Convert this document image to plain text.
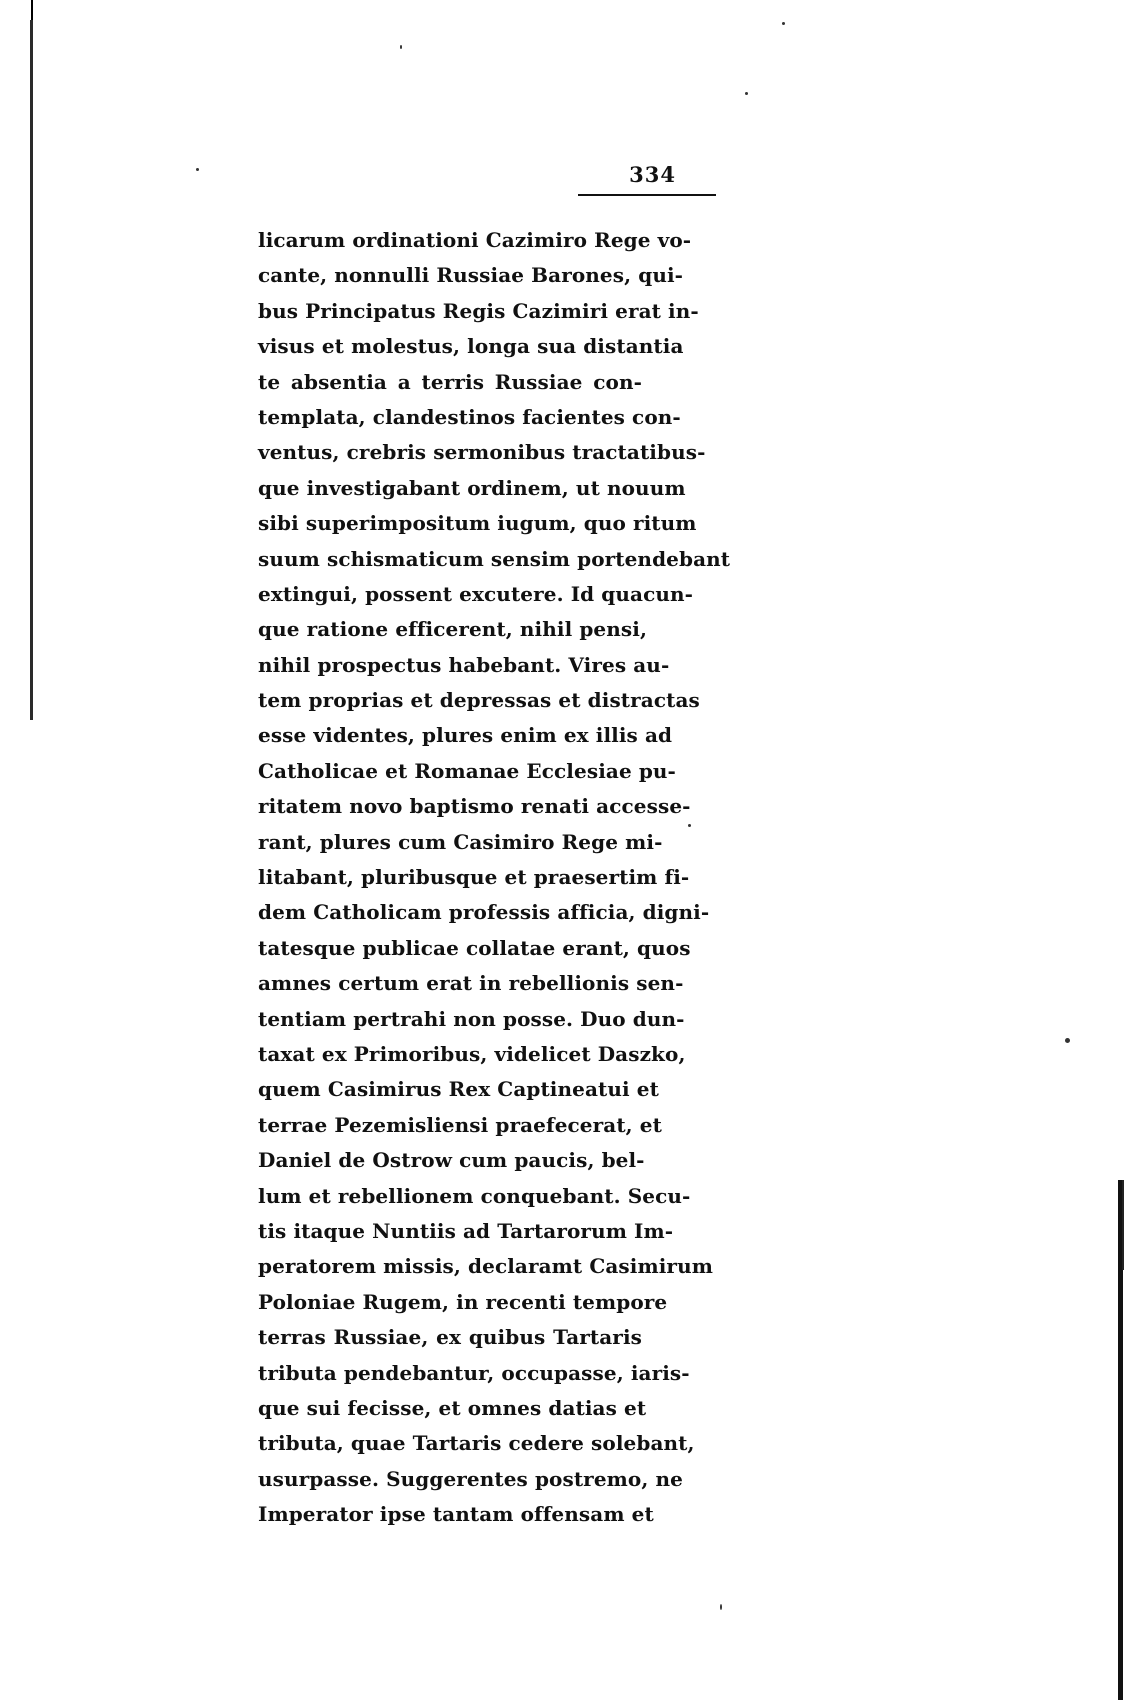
334
licarum ordinationi Cazimiro Rege vo-
cante, nonnulli Russiae Barones, qui-
bus Principatus Regis Cazimiri erat in-
visus et molestus, longa sua distantia
te absentia a terris Russiae con-
templata, clandestinos facientes con-
ventus, crebris sermonibus tractatibus-
que investigabant ordinem, ut nouum
sibi superimpositum iugum, quo ritum
suum schismaticum sensim portendebant
extingui, possent excutere. Id quacun-
que ratione efficerent, nihil pensi,
nihil prospectus habebant. Vires au-
tem proprias et depressas et distractas
esse videntes, plures enim ex illis ad
Catholicae et Romanae Ecclesiae pu-
ritatem novo baptismo renati accesse-
rant, plures cum Casimiro Rege mi-
litabant, pluribusque et praesertim fi-
dem Catholicam professis afficia, digni-
tatesque publicae collatae erant, quos
amnes certum erat in rebellionis sen-
tentiam pertrahi non posse. Duo dun-
taxat ex Primoribus, videlicet Daszko,
quem Casimirus Rex Captineatui et
terrae Pezemisliensi praefecerat, et
Daniel de Ostrow cum paucis, bel-
lum et rebellionem conquebant. Secu-
tis itaque Nuntiis ad Tartarorum Im-
peratorem missis, declaramt Casimirum
Poloniae Rugem, in recenti tempore
terras Russiae, ex quibus Tartaris
tributa pendebantur, occupasse, iaris-
que sui fecisse, et omnes datias et
tributa, quae Tartaris cedere solebant,
usurpasse. Suggerentes postremo, ne
Imperator ipse tantam offensam et
